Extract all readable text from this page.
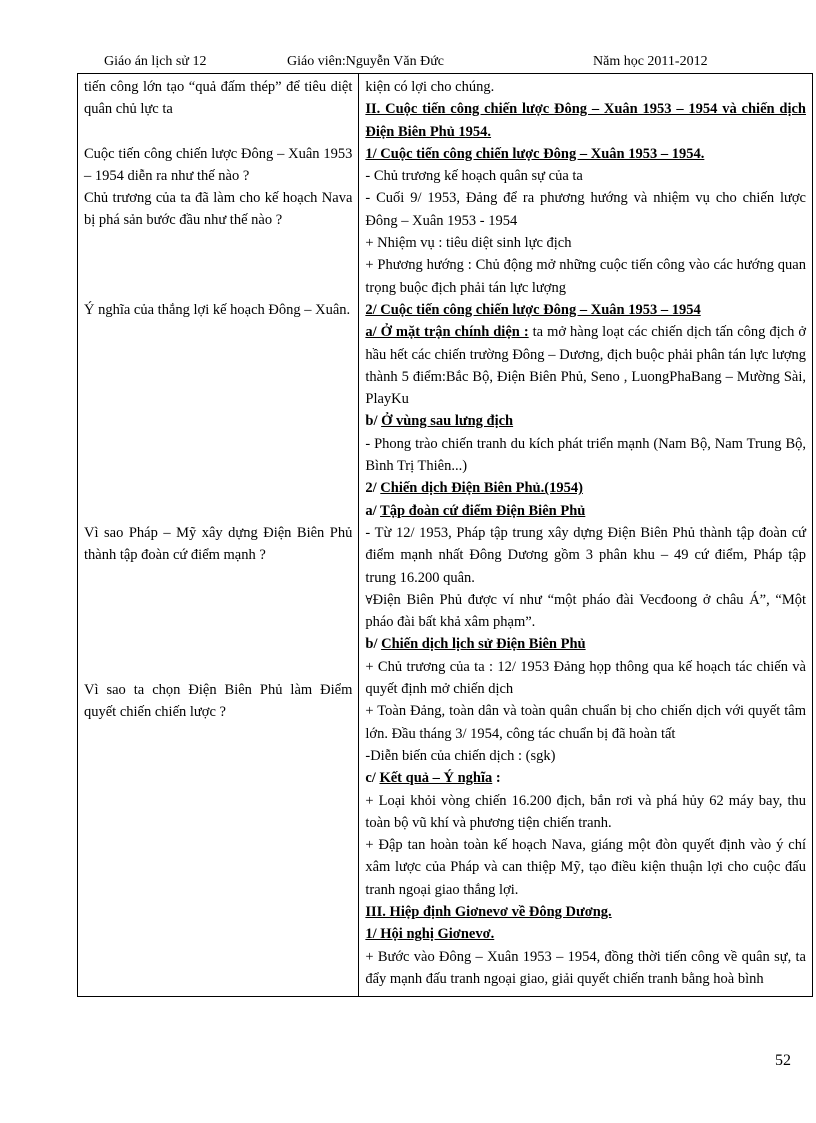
Giáo án lịch sử 12	Giáo viên:Nguyễn Văn Đức	Năm học 2011-2012
tiến công lớn tạo “quả đấm thép” để tiêu diệt quân chủ lực ta
Cuộc tiến công chiến lược Đông – Xuân 1953 – 1954 diễn ra như thế nào ?
Chủ trương của ta đã làm cho kế hoạch Nava bị phá sản bước đầu như thế nào ?
Ý nghĩa của thắng lợi kế hoạch Đông – Xuân.
Vì sao Pháp – Mỹ xây dựng Điện Biên Phủ thành tập đoàn cứ điểm mạnh ?
Vì sao ta chọn Điện Biên Phủ làm Điểm quyết chiến chiến lược ?

kiện có lợi cho chúng.
II. Cuộc tiến công chiến lược Đông – Xuân 1953 – 1954 và chiến dịch Điện Biên Phủ 1954.
1/ Cuộc tiến công chiến lược Đông – Xuân 1953 – 1954.
- Chủ trương kế hoạch quân sự của ta
- Cuối 9/ 1953, Đảng để ra phương hướng và nhiệm vụ cho chiến lược Đông – Xuân 1953 - 1954
+ Nhiệm vụ : tiêu diệt sinh lực địch
+ Phương hướng : Chủ động mở những cuộc tiến công vào các hướng quan trọng buộc địch phải tán lực lượng
2/ Cuộc tiến công chiến lược Đông – Xuân 1953 – 1954
a/ Ở mặt trận chính diện : ta mở hàng loạt các chiến dịch tấn công địch ở hầu hết các chiến trường Đông – Dương, địch buộc phải phân tán lực lượng thành 5 điểm:Bắc Bộ, Điện Biên Phủ, Seno , LuongPhaBang – Mường Sài, PlayKu
b/ Ở vùng sau lưng địch
- Phong trào chiến tranh du kích phát triển mạnh (Nam Bộ, Nam Trung Bộ, Bình Trị Thiên...)
2/ Chiến dịch Điện Biên Phủ.(1954)
a/ Tập đoàn cứ điểm Điện Biên Phủ
- Từ 12/ 1953, Pháp tập trung xây dựng Điện Biên Phủ thành tập đoàn cứ điểm mạnh nhất Đông Dương gồm 3 phân khu – 49 cứ điểm, Pháp tập trung 16.200 quân.
∀Điện Biên Phủ được ví như “một pháo đài Vecđoong ở châu Á”, “Một pháo đài bất khả xâm phạm”.
b/ Chiến dịch lịch sử Điện Biên Phủ
+ Chủ trương của ta : 12/ 1953 Đảng họp thông qua kế hoạch tác chiến và quyết định mở chiến dịch
+ Toàn Đảng, toàn dân và toàn quân chuẩn bị cho chiến dịch với quyết tâm lớn. Đầu tháng 3/ 1954, công tác chuẩn bị đã hoàn tất
-Diễn biến của chiến dịch : (sgk)
c/ Kết quả – Ý nghĩa :
+ Loại khỏi vòng chiến 16.200 địch, bắn rơi và phá hủy 62 máy bay, thu toàn bộ vũ khí và phương tiện chiến tranh.
+ Đập tan hoàn toàn kế hoạch Nava, giáng một đòn quyết định vào ý chí xâm lược của Pháp và can thiệp Mỹ, tạo điều kiện thuận lợi cho cuộc đấu tranh ngoại giao thắng lợi.
III. Hiệp định Giơnevơ về Đông Dương.
1/ Hội nghị Giơnevơ.
+ Bước vào Đông – Xuân 1953 – 1954, đồng thời tiến công về quân sự, ta đẩy mạnh đấu tranh ngoại giao, giải quyết chiến tranh bằng hoà bình
52
